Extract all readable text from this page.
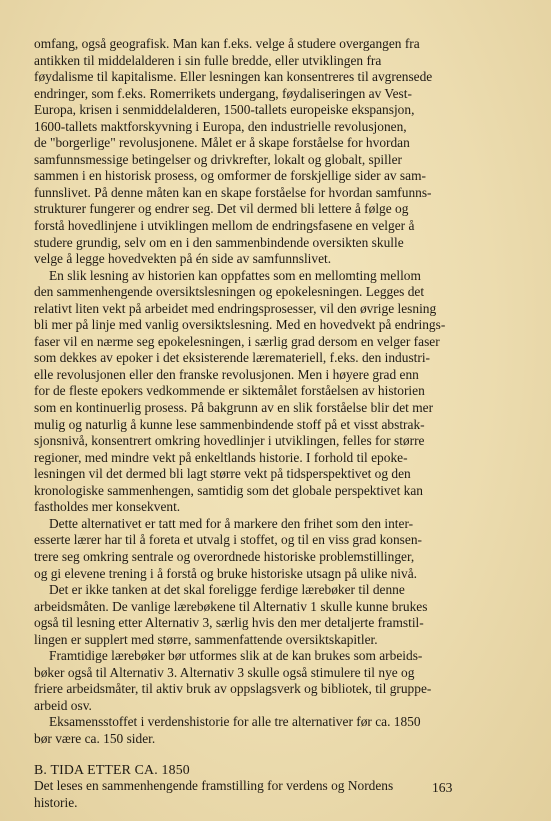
omfang, også geografisk. Man kan f.eks. velge å studere overgangen fra
antikken til middelalderen i sin fulle bredde, eller utviklingen fra
føydalisme til kapitalisme. Eller lesningen kan konsentreres til avgrensede
endringer, som f.eks. Romerrikets undergang, føydaliseringen av Vest-
Europa, krisen i senmiddelalderen, 1500-tallets europeiske ekspansjon,
1600-tallets maktforskyvning i Europa, den industrielle revolusjonen,
de "borgerlige" revolusjonene. Målet er å skape forståelse for hvordan
samfunnsmessige betingelser og drivkrefter, lokalt og globalt, spiller
sammen i en historisk prosess, og omformer de forskjellige sider av sam-
funnslivet. På denne måten kan en skape forståelse for hvordan samfunns-
strukturer fungerer og endrer seg. Det vil dermed bli lettere å følge og
forstå hovedlinjene i utviklingen mellom de endringsfasene en velger å
studere grundig, selv om en i den sammenbindende oversikten skulle
velge å legge hovedvekten på én side av samfunnslivet.

En slik lesning av historien kan oppfattes som en mellomting mellom
den sammenhengende oversiktslesningen og epokelesningen. Legges det
relativt liten vekt på arbeidet med endringsprosesser, vil den øvrige lesning
bli mer på linje med vanlig oversiktslesning. Med en hovedvekt på endrings-
faser vil en nærme seg epokelesningen, i særlig grad dersom en velger faser
som dekkes av epoker i det eksisterende læremateriell, f.eks. den industri-
elle revolusjonen eller den franske revolusjonen. Men i høyere grad enn
for de fleste epokers vedkommende er siktemålet forståelsen av historien
som en kontinuerlig prosess. På bakgrunn av en slik forståelse blir det mer
mulig og naturlig å kunne lese sammenbindende stoff på et visst abstrak-
sjonsnivå, konsentrert omkring hovedlinjer i utviklingen, felles for større
regioner, med mindre vekt på enkeltlands historie. I forhold til epoke-
lesningen vil det dermed bli lagt større vekt på tidsperspektivet og den
kronologiske sammenhengen, samtidig som det globale perspektivet kan
fastholdes mer konsekvent.

Dette alternativet er tatt med for å markere den frihet som den inter-
esserte lærer har til å foreta et utvalg i stoffet, og til en viss grad konsen-
trere seg omkring sentrale og overordnede historiske problemstillinger,
og gi elevene trening i å forstå og bruke historiske utsagn på ulike nivå.

Det er ikke tanken at det skal foreligge ferdige lærebøker til denne
arbeidsmåten. De vanlige lærebøkene til Alternativ 1 skulle kunne brukes
også til lesning etter Alternativ 3, særlig hvis den mer detaljerte framstil-
lingen er supplert med større, sammenfattende oversiktskapitler.

Framtidige lærebøker bør utformes slik at de kan brukes som arbeids-
bøker også til Alternativ 3. Alternativ 3 skulle også stimulere til nye og
friere arbeidsmåter, til aktiv bruk av oppslagsverk og bibliotek, til gruppe-
arbeid osv.

Eksamensstoffet i verdenshistorie for alle tre alternativer før ca. 1850
bør være ca. 150 sider.

B. TIDA ETTER CA. 1850

Det leses en sammenhengende framstilling for verdens og Nordens
historie.

163
